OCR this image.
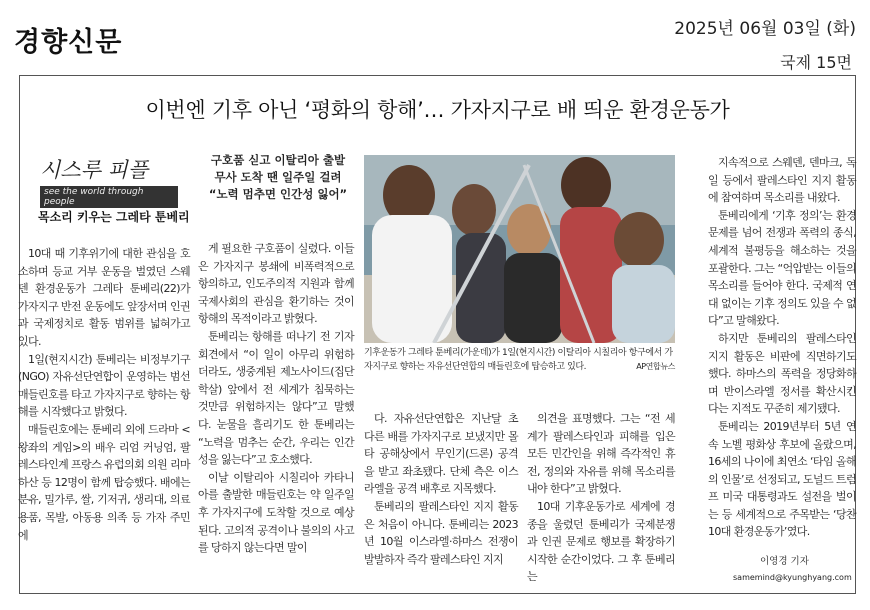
경향신문	2025년 06월 03일 (화)
국제 15면
이번엔 기후 아닌 ‘평화의 항해’… 가자지구로 배 띄운 환경운동가

지속적으로 스웨덴, 덴마크, 독일 등에서 팔레스타인 지지 활동에 참여하며 목소리를 내왔다.

툰베리에게 ‘기후 정의’는 환경 문제를 넘어 전쟁과 폭력의 종식, 세계적 불평등을 해소하는 것을 포괄한다. 그는 “억압받는 이들의 목소리를 들어야 한다. 국제적 연대 없이는 기후 정의도 있을 수 없다”고 말해왔다.

하지만 툰베리의 팔레스타인 지지 활동은 비판에 직면하기도 했다. 하마스의 폭력을 정당화하며 반이스라엘 정서를 확산시킨다는 지적도 꾸준히 제기됐다.

툰베리는 2019년부터 5년 연속 노벨 평화상 후보에 올랐으며, 16세의 나이에 최연소 ‘타임 올해의 인물’로 선정되고, 도널드 트럼프 미국 대통령과도 설전을 벌이는 등 세계적으로 주목받는 ‘당찬 10대 환경운동가’였다.

시스루 피플
see the world through people
목소리 키우는 그레타 툰베리

10대 때 기후위기에 대한 관심을 호소하며 등교 거부 운동을 벌였던 스웨덴 환경운동가 그레타 툰베리(22)가 가자지구 반전 운동에도 앞장서며 인권과 국제정치로 활동 범위를 넓혀가고 있다.

1일(현지시간) 툰베리는 비정부기구(NGO) 자유선단연합이 운영하는 범선 매들린호를 타고 가자지구로 향하는 항해를 시작했다고 밝혔다.

매들린호에는 툰베리 외에 드라마 <왕좌의 게임>의 배우 리엄 커닝엄, 팔레스타인계 프랑스 유럽의회 의원 리마 하산 등 12명이 함께 탑승했다. 배에는 분유, 밀가루, 쌀, 기저귀, 생리대, 의료용품, 목발, 아동용 의족 등 가자 주민에

구호품 싣고 이탈리아 출발
무사 도착 땐 일주일 걸려
“노력 멈추면 인간성 잃어”

게 필요한 구호품이 실렸다. 이들은 가자지구 봉쇄에 비폭력적으로 항의하고, 인도주의적 지원과 함께 국제사회의 관심을 환기하는 것이 항해의 목적이라고 밝혔다.

툰베리는 항해를 떠나기 전 기자회견에서 “이 일이 아무리 위험하더라도, 생중계된 제노사이드(집단학살) 앞에서 전 세계가 침묵하는 것만큼 위험하지는 않다”고 말했다. 눈물을 흘리기도 한 툰베리는 “노력을 멈추는 순간, 우리는 인간성을 잃는다”고 호소했다.

이날 이탈리아 시칠리아 카타니아를 출발한 매들린호는 약 일주일 후 가자지구에 도착할 것으로 예상된다. 고의적 공격이나 불의의 사고를 당하지 않는다면 말이

기후운동가 그레타 툰베리(가운데)가 1일(현지시간) 이탈리아 시칠리아 항구에서 가자지구로 향하는 자유선단연합의 매들린호에 탑승하고 있다.	AP연합뉴스

다. 자유선단연합은 지난달 초 다른 배를 가자지구로 보냈지만 몰타 공해상에서 무인기(드론) 공격을 받고 좌초됐다. 단체 측은 이스라엘을 공격 배후로 지목했다.

툰베리의 팔레스타인 지지 활동은 처음이 아니다. 툰베리는 2023년 10월 이스라엘·하마스 전쟁이 발발하자 즉각 팔레스타인 지지

의견을 표명했다. 그는 “전 세계가 팔레스타인과 피해를 입은 모든 민간인을 위해 즉각적인 휴전, 정의와 자유를 위해 목소리를 내야 한다”고 밝혔다.

10대 기후운동가로 세계에 경종을 울렸던 툰베리가 국제분쟁과 인권 문제로 행보를 확장하기 시작한 순간이었다. 그 후 툰베리는

이영경 기자
samemind@kyunghyang.com
